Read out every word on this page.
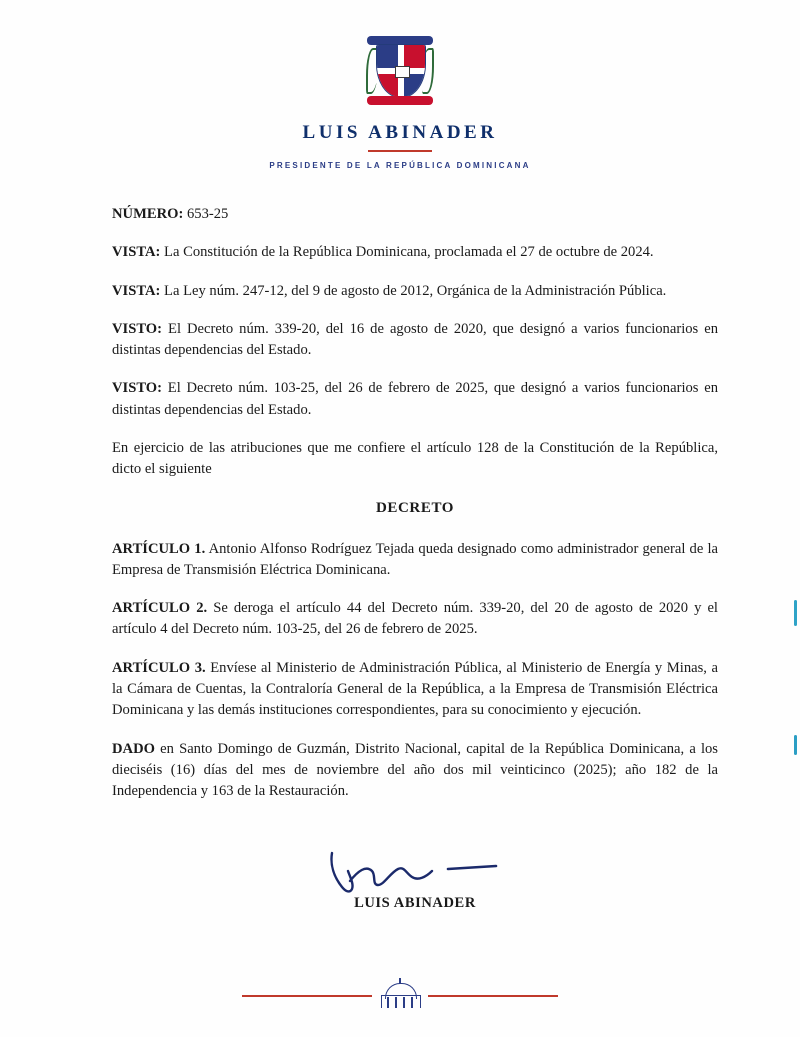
LUIS ABINADER
PRESIDENTE DE LA REPÚBLICA DOMINICANA

NÚMERO: 653-25

VISTA: La Constitución de la República Dominicana, proclamada el 27 de octubre de 2024.

VISTA: La Ley núm. 247-12, del 9 de agosto de 2012, Orgánica de la Administración Pública.

VISTO: El Decreto núm. 339-20, del 16 de agosto de 2020, que designó a varios funcionarios en distintas dependencias del Estado.

VISTO: El Decreto núm. 103-25, del 26 de febrero de 2025, que designó a varios funcionarios en distintas dependencias del Estado.

En ejercicio de las atribuciones que me confiere el artículo 128 de la Constitución de la República, dicto el siguiente

DECRETO

ARTÍCULO 1. Antonio Alfonso Rodríguez Tejada queda designado como administrador general de la Empresa de Transmisión Eléctrica Dominicana.

ARTÍCULO 2. Se deroga el artículo 44 del Decreto núm. 339-20, del 20 de agosto de 2020 y el artículo 4 del Decreto núm. 103-25, del 26 de febrero de 2025.

ARTÍCULO 3. Envíese al Ministerio de Administración Pública, al Ministerio de Energía y Minas, a la Cámara de Cuentas, la Contraloría General de la República, a la Empresa de Transmisión Eléctrica Dominicana y las demás instituciones correspondientes, para su conocimiento y ejecución.

DADO en Santo Domingo de Guzmán, Distrito Nacional, capital de la República Dominicana, a los dieciséis (16) días del mes de noviembre del año dos mil veinticinco (2025); año 182 de la Independencia y 163 de la Restauración.

LUIS ABINADER
